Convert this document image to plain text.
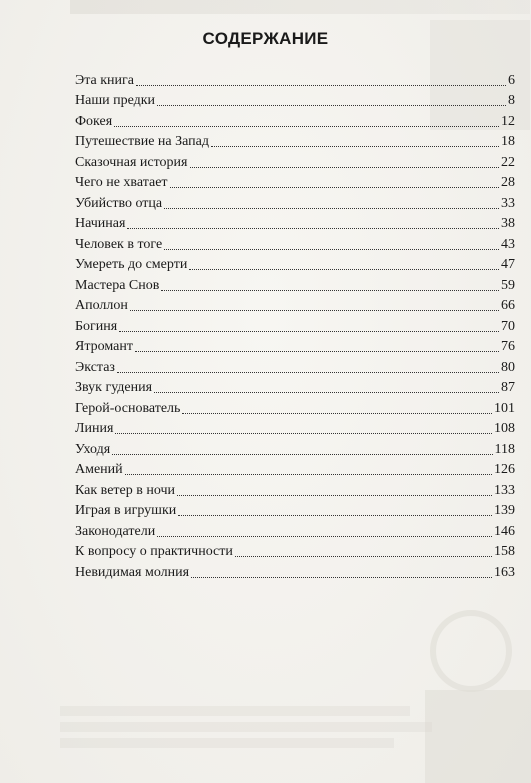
СОДЕРЖАНИЕ
Эта книга	6
Наши предки	8
Фокея	12
Путешествие на Запад	18
Сказочная история	22
Чего не хватает	28
Убийство отца	33
Начиная	38
Человек в тоге	43
Умереть до смерти	47
Мастера Снов	59
Аполлон	66
Богиня	70
Ятромант	76
Экстаз	80
Звук гудения	87
Герой-основатель	101
Линия	108
Уходя	118
Амений	126
Как ветер в ночи	133
Играя в игрушки	139
Законодатели	146
К вопросу о практичности	158
Невидимая молния	163
